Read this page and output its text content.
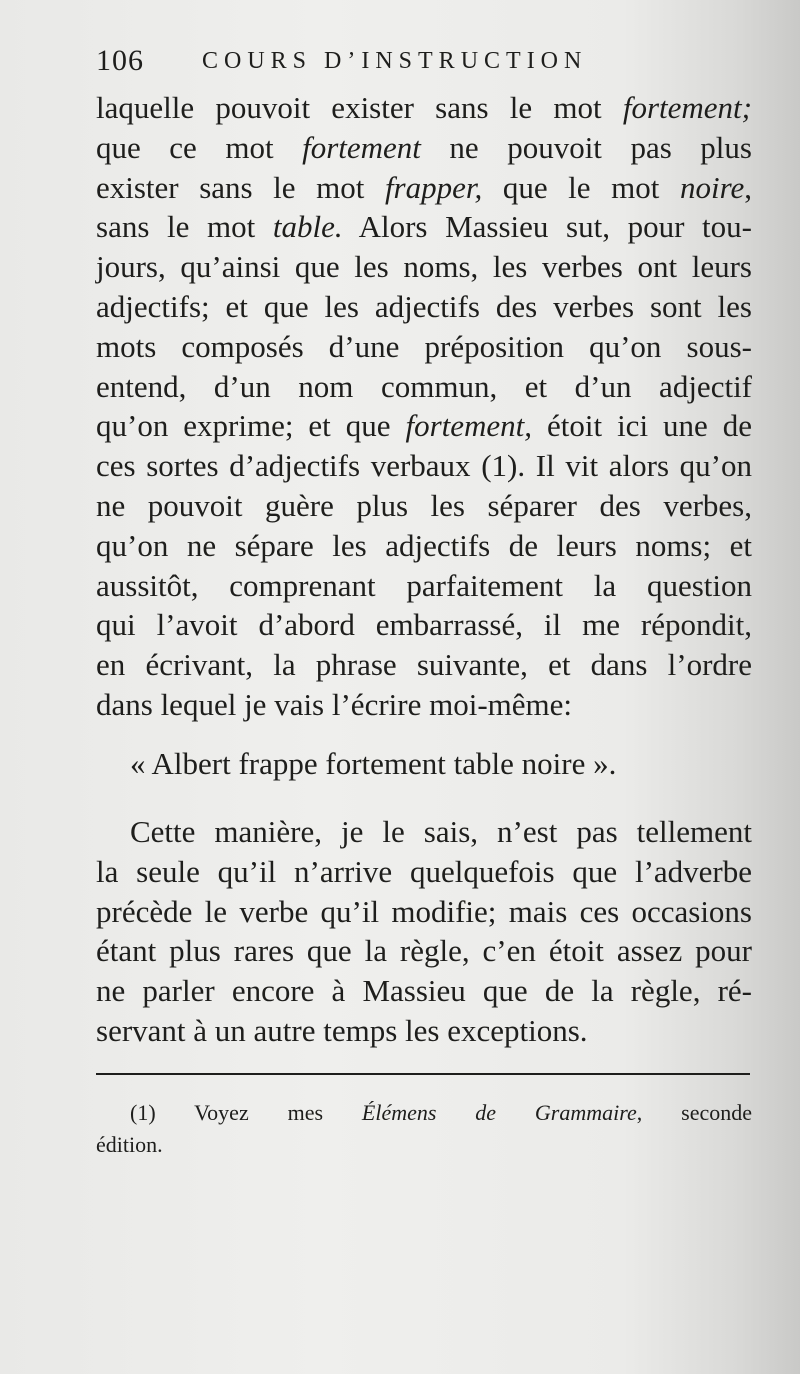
106 COURS D’INSTRUCTION
laquelle pouvoit exister sans le mot fortement;
que ce mot fortement ne pouvoit pas plus
exister sans le mot frapper, que le mot noire,
sans le mot table. Alors Massieu sut, pour tou-
jours, qu’ainsi que les noms, les verbes ont leurs
adjectifs; et que les adjectifs des verbes sont les
mots composés d’une préposition qu’on sous-
entend, d’un nom commun, et d’un adjectif
qu’on exprime; et que fortement, étoit ici une de
ces sortes d’adjectifs verbaux (1). Il vit alors qu’on
ne pouvoit guère plus les séparer des verbes,
qu’on ne sépare les adjectifs de leurs noms; et
aussitôt, comprenant parfaitement la question
qui l’avoit d’abord embarrassé, il me répondit,
en écrivant, la phrase suivante, et dans l’ordre
dans lequel je vais l’écrire moi-même:
« Albert frappe fortement table noire ».
Cette manière, je le sais, n’est pas tellement
la seule qu’il n’arrive quelquefois que l’adverbe
précède le verbe qu’il modifie; mais ces occasions
étant plus rares que la règle, c’en étoit assez pour
ne parler encore à Massieu que de la règle, ré-
servant à un autre temps les exceptions.
(1) Voyez mes Élémens de Grammaire, seconde
édition.
